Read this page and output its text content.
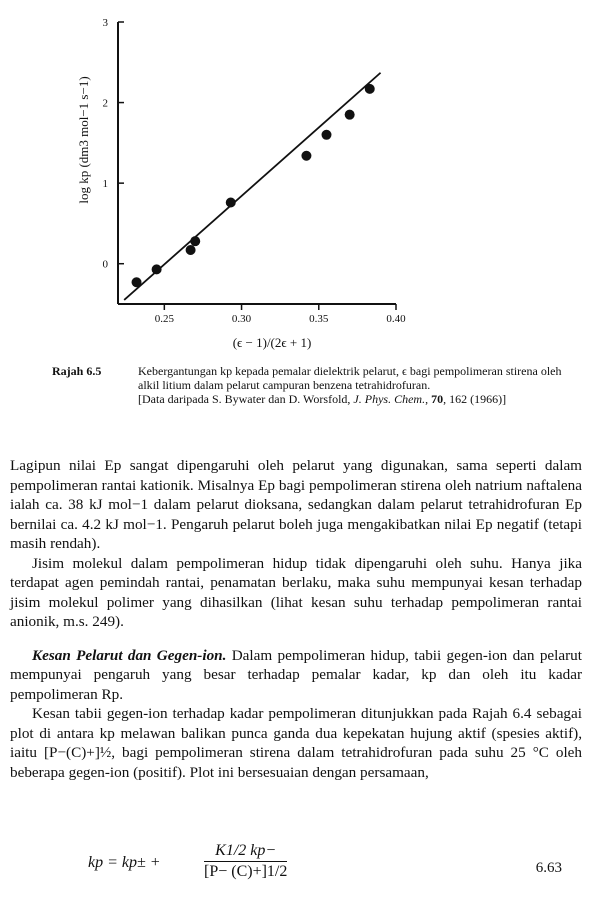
0.25	0.30	0.35	0.40
0
1
2
3
(ϵ − 1)/(2ϵ + 1)
log kp (dm3 mol−1 s−1)
Rajah 6.5	Kebergantungan kp kepada pemalar dielektrik pelarut, ϵ bagi pempolimeran stirena oleh alkil litium dalam pelarut campuran benzena tetrahidrofuran.
[Data daripada S. Bywater dan D. Worsfold, J. Phys. Chem., 70, 162 (1966)]

Lagipun nilai Ep sangat dipengaruhi oleh pelarut yang digunakan, sama seperti dalam pempolimeran rantai kationik. Misalnya Ep bagi pempolimeran stirena oleh natrium naftalena ialah ca. 38 kJ mol−1 dalam pelarut dioksana, sedangkan dalam pelarut tetrahidrofuran Ep bernilai ca. 4.2 kJ mol−1. Pengaruh pelarut boleh juga mengakibatkan nilai Ep negatif (tetapi masih rendah).

Jisim molekul dalam pempolimeran hidup tidak dipengaruhi oleh suhu. Hanya jika terdapat agen pemindah rantai, penamatan berlaku, maka suhu mempunyai kesan terhadap jisim molekul polimer yang dihasilkan (lihat kesan suhu terhadap pempolimeran rantai anionik, m.s. 249).

Kesan Pelarut dan Gegen-ion. Dalam pempolimeran hidup, tabii gegen-ion dan pelarut mempunyai pengaruh yang besar terhadap pemalar kadar, kp dan oleh itu kadar pempolimeran Rp.

Kesan tabii gegen-ion terhadap kadar pempolimeran ditunjukkan pada Rajah 6.4 sebagai plot di antara kp melawan balikan punca ganda dua kepekatan hujung aktif (spesies aktif), iaitu [P−(C)+]½, bagi pempolimeran stirena dalam tetrahidrofuran pada suhu 25 °C oleh beberapa gegen-ion (positif). Plot ini bersesuaian dengan persamaan,

kp = kp± +	$\frac{K1/2 kp-}{[P- (C)+]1/2}$	6.63
